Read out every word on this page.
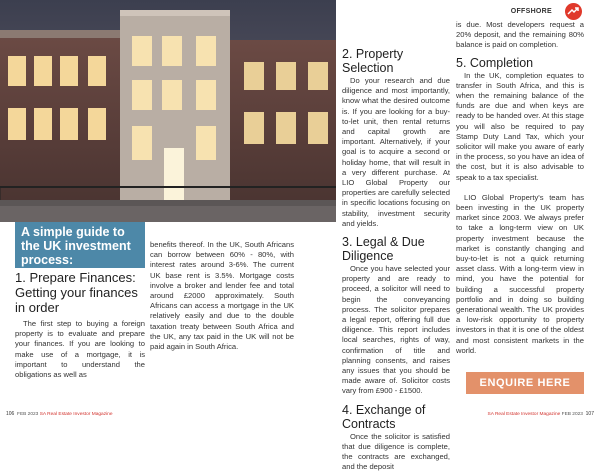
OFFSHORE
A simple guide to the UK investment process:
1. Prepare Finances: Getting your finances in order

The first step to buying a foreign property is to evaluate and prepare your finances. If you are looking to make use of a mortgage, it is important to understand the obligations as well as

benefits thereof. In the UK, South Africans can borrow between 60% - 80%, with interest rates around 3-6%. The current UK base rent is 3.5%. Mortgage costs involve a broker and lender fee and total around £2000 approximately. South Africans can access a mortgage in the UK relatively easily and due to the double taxation treaty between South Africa and the UK, any tax paid in the UK will not be paid again in South Africa.

2. Property Selection

Do your research and due diligence and most importantly, know what the desired outcome is. If you are looking for a buy-to-let unit, then rental returns and capital growth are important. Alternatively, if your goal is to acquire a second or holiday home, that will result in a very different purchase. At LIO Global Property our properties are carefully selected in specific locations focusing on stability, investment security and yields.

3. Legal & Due Diligence

Once you have selected your property and are ready to proceed, a solicitor will need to begin the conveyancing process. The solicitor prepares a legal report, offering full due diligence. This report includes local searches, rights of way, confirmation of title and planning consents, and raises any issues that you should be made aware of. Solicitor costs vary from £900 - £1500.

4. Exchange of Contracts

Once the solicitor is satisfied that due diligence is complete, the contracts are exchanged, and the deposit

is due. Most developers request a 20% deposit, and the remaining 80% balance is paid on completion.

5. Completion

In the UK, completion equates to transfer in South Africa, and this is when the remaining balance of the funds are due and when keys are ready to be handed over. At this stage you will also be required to pay Stamp Duty Land Tax, which your solicitor will make you aware of early in the process, so you have an idea of the cost, but it is also advisable to speak to a tax specialist.

LIO Global Property's team has been investing in the UK property market since 2003. We always prefer to take a long-term view on UK property investment because the market is constantly changing and buy-to-let is not a quick returning asset class. With a long-term view in mind, you have the potential for building a successful property portfolio and in doing so building generational wealth. The UK provides a low-risk opportunity to property investors in that it is one of the oldest and most consistent markets in the world.

ENQUIRE HERE
106 FEB 2023 SA Real Estate Investor Magazine	SA Real Estate Investor Magazine FEB 2023 107
